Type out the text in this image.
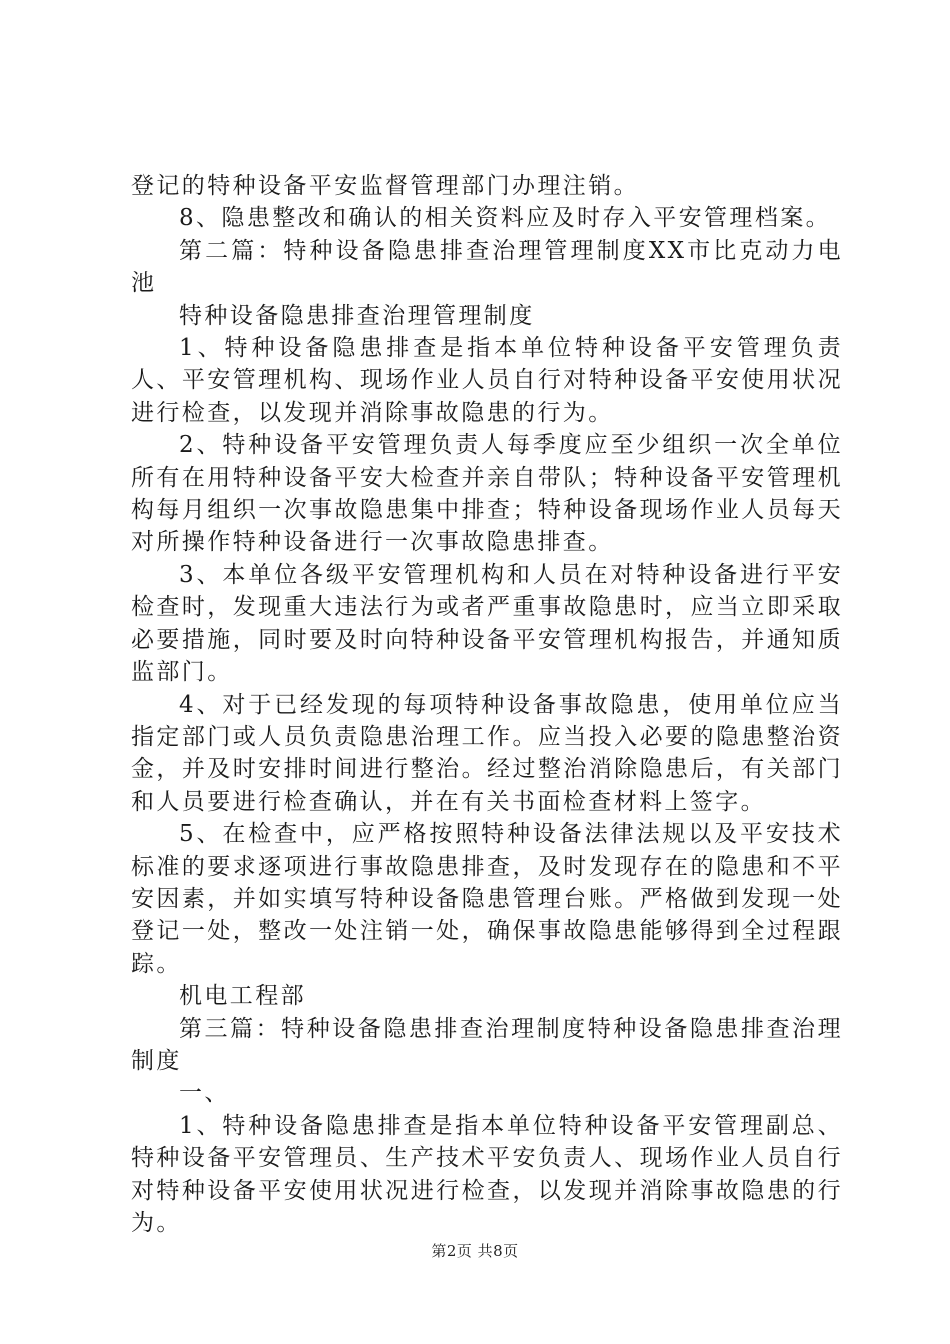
登记的特种设备平安监督管理部门办理注销。

8、隐患整改和确认的相关资料应及时存入平安管理档案。

第二篇：特种设备隐患排查治理管理制度XX市比克动力电池

特种设备隐患排查治理管理制度

1、特种设备隐患排查是指本单位特种设备平安管理负责人、平安管理机构、现场作业人员自行对特种设备平安使用状况进行检查，以发现并消除事故隐患的行为。

2、特种设备平安管理负责人每季度应至少组织一次全单位所有在用特种设备平安大检查并亲自带队；特种设备平安管理机构每月组织一次事故隐患集中排查；特种设备现场作业人员每天对所操作特种设备进行一次事故隐患排查。

3、本单位各级平安管理机构和人员在对特种设备进行平安检查时，发现重大违法行为或者严重事故隐患时，应当立即采取必要措施，同时要及时向特种设备平安管理机构报告，并通知质监部门。

4、对于已经发现的每项特种设备事故隐患，使用单位应当指定部门或人员负责隐患治理工作。应当投入必要的隐患整治资金，并及时安排时间进行整治。经过整治消除隐患后，有关部门和人员要进行检查确认，并在有关书面检查材料上签字。

5、在检查中，应严格按照特种设备法律法规以及平安技术标准的要求逐项进行事故隐患排查，及时发现存在的隐患和不平安因素，并如实填写特种设备隐患管理台账。严格做到发现一处登记一处，整改一处注销一处，确保事故隐患能够得到全过程跟踪。

机电工程部

第三篇：特种设备隐患排查治理制度特种设备隐患排查治理制度

一、

1、特种设备隐患排查是指本单位特种设备平安管理副总、特种设备平安管理员、生产技术平安负责人、现场作业人员自行对特种设备平安使用状况进行检查，以发现并消除事故隐患的行为。

第2页 共8页
